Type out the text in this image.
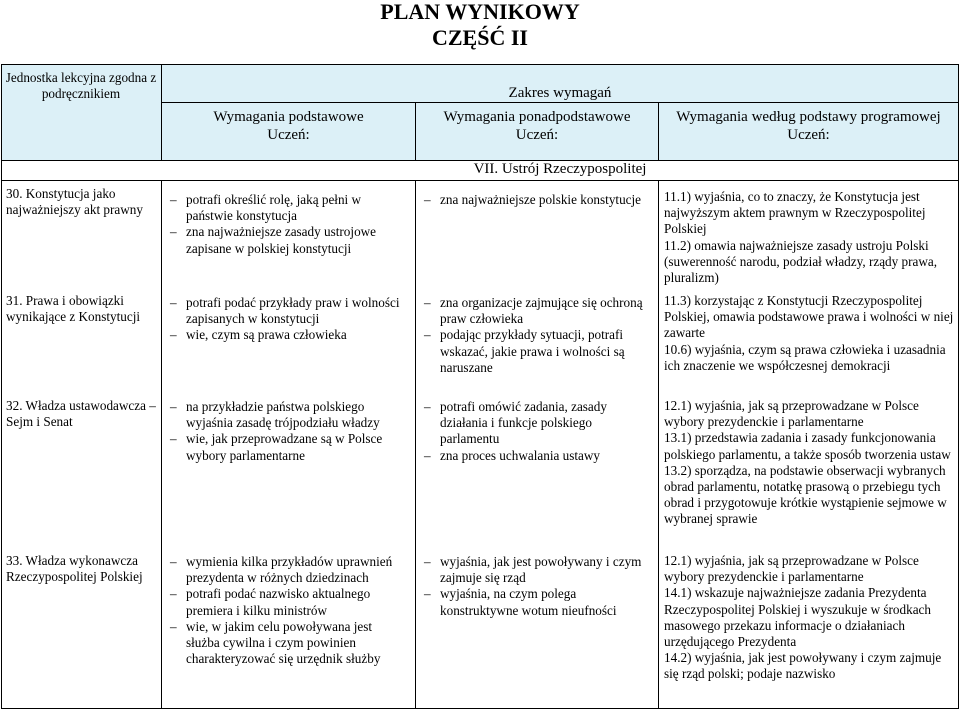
PLAN WYNIKOWY
CZĘŚĆ II
Jednostka lekcyjna zgodna z podręcznikiem	Zakres wymagań
Wymagania podstawowe
Uczeń:
Wymagania ponadpodstawowe
Uczeń:
Wymagania według podstawy programowej
Uczeń:
VII. Ustrój Rzeczypospolitej
30. Konstytucja jako najważniejszy akt prawny
31. Prawa i obowiązki wynikające z Konstytucji
32. Władza ustawodawcza – Sejm i Senat
33. Władza wykonawcza Rzeczypospolitej Polskiej
– potrafi określić rolę, jaką pełni w państwie konstytucja
– zna najważniejsze zasady ustrojowe zapisane w polskiej konstytucji
– potrafi podać przykłady praw i wolności zapisanych w konstytucji
– wie, czym są prawa człowieka
– na przykładzie państwa polskiego wyjaśnia zasadę trójpodziału władzy
– wie, jak przeprowadzane są w Polsce wybory parlamentarne
– wymienia kilka przykładów uprawnień prezydenta w różnych dziedzinach
– potrafi podać nazwisko aktualnego premiera i kilku ministrów
– wie, w jakim celu powoływana jest służba cywilna i czym powinien charakteryzować się urzędnik służby
– zna najważniejsze polskie konstytucje
– zna organizacje zajmujące się ochroną praw człowieka
– podając przykłady sytuacji, potrafi wskazać, jakie prawa i wolności są naruszane
– potrafi omówić zadania, zasady działania i funkcje polskiego parlamentu
– zna proces uchwalania ustawy
– wyjaśnia, jak jest powoływany i czym zajmuje się rząd
– wyjaśnia, na czym polega konstruktywne wotum nieufności

11.1) wyjaśnia, co to znaczy, że Konstytucja jest najwyższym aktem prawnym w Rzeczypospolitej Polskiej

11.2) omawia najważniejsze zasady ustroju Polski (suwerenność narodu, podział władzy, rządy prawa, pluralizm)

11.3) korzystając z Konstytucji Rzeczypospolitej Polskiej, omawia podstawowe prawa i wolności w niej zawarte

10.6) wyjaśnia, czym są prawa człowieka i uzasadnia ich znaczenie we współczesnej demokracji

12.1) wyjaśnia, jak są przeprowadzane w Polsce wybory prezydenckie i parlamentarne

13.1) przedstawia zadania i zasady funkcjonowania polskiego parlamentu, a także sposób tworzenia ustaw

13.2) sporządza, na podstawie obserwacji wybranych obrad parlamentu, notatkę prasową o przebiegu tych obrad i przygotowuje krótkie wystąpienie sejmowe w wybranej sprawie

12.1) wyjaśnia, jak są przeprowadzane w Polsce wybory prezydenckie i parlamentarne

14.1) wskazuje najważniejsze zadania Prezydenta Rzeczypospolitej Polskiej i wyszukuje w środkach masowego przekazu informacje o działaniach urzędującego Prezydenta

14.2) wyjaśnia, jak jest powoływany i czym zajmuje się rząd polski; podaje nazwisko
